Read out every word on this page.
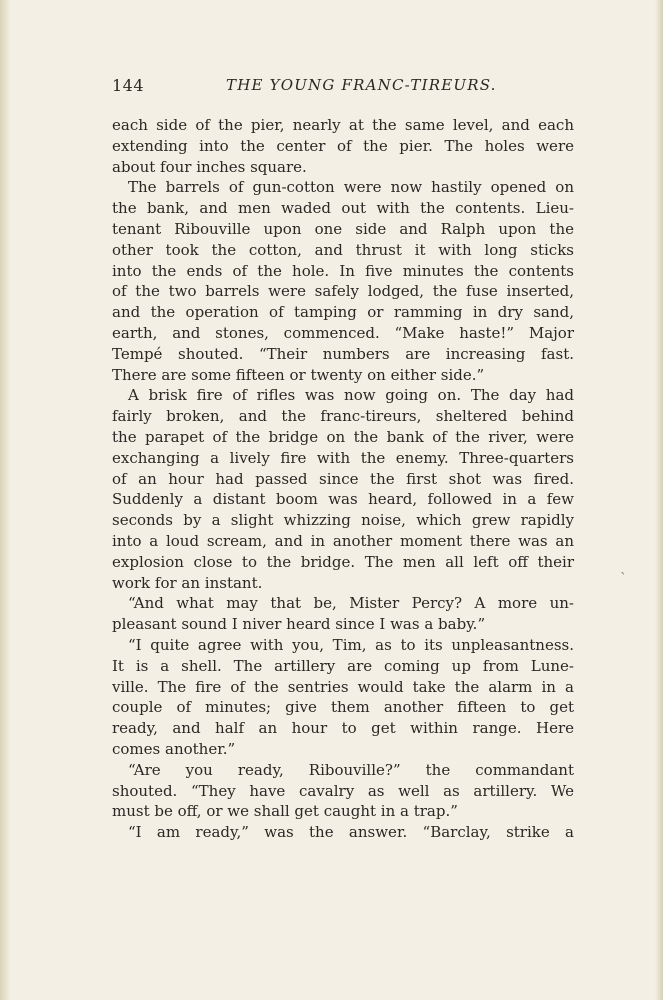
144	THE YOUNG FRANC-TIREURS.
each side of the pier, nearly at the same level, and each
extending into the center of the pier. The holes were
about four inches square.
The barrels of gun-cotton were now hastily opened on
the bank, and men waded out with the contents. Lieu-
tenant Ribouville upon one side and Ralph upon the
other took the cotton, and thrust it with long sticks
into the ends of the hole. In five minutes the contents
of the two barrels were safely lodged, the fuse inserted,
and the operation of tamping or ramming in dry sand,
earth, and stones, commenced. “Make haste!” Major
Tempé shouted. “Their numbers are increasing fast.
There are some fifteen or twenty on either side.”
A brisk fire of rifles was now going on. The day had
fairly broken, and the franc-tireurs, sheltered behind
the parapet of the bridge on the bank of the river, were
exchanging a lively fire with the enemy. Three-quarters
of an hour had passed since the first shot was fired.
Suddenly a distant boom was heard, followed in a few
seconds by a slight whizzing noise, which grew rapidly
into a loud scream, and in another moment there was an
explosion close to the bridge. The men all left off their
work for an instant.
“And what may that be, Mister Percy? A more un-
pleasant sound I niver heard since I was a baby.”
“I quite agree with you, Tim, as to its unpleasantness.
It is a shell. The artillery are coming up from Lune-
ville. The fire of the sentries would take the alarm in a
couple of minutes; give them another fifteen to get
ready, and half an hour to get within range. Here
comes another.”
“Are you ready, Ribouville?” the commandant
shouted. “They have cavalry as well as artillery. We
must be off, or we shall get caught in a trap.”
“I am ready,” was the answer. “Barclay, strike a
`
